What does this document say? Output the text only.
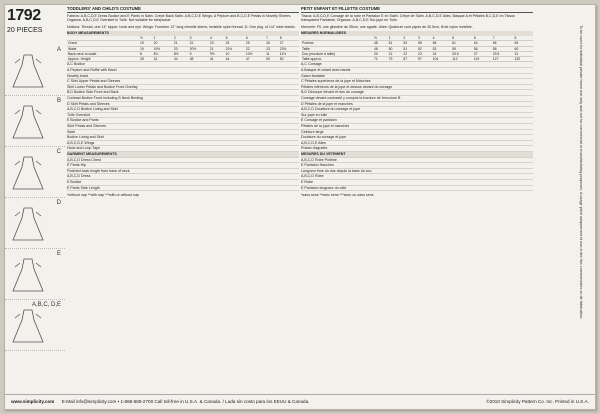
1792
20 PIECES
A
B
C
D
E
A,B,C, D,E
TODDLERS' AND CHILD'S COSTUME
Fabrics: A,B,C,D,E Dress Bodice and E Pants in Satin. Crepe Back Satin. A,B,C,D,E Wings, A Peplum and B,C,D,E Petals in Novelty Sheers. Organza. A,B,C,D,E Overskirt in Tulle. Not suitable for sleepwear.
Notions: Thread, one 14" zipper, hook and eye. Wings: Fourteen 12" long chenille stems, invisible nylon thread. D: One pkg. of 1/4" wide elastic.
BODY MEASUREMENTS
	½	1	2	3	4	5	6	7	8
Chest	19	20	21	22	23	24	25	26	27
Waist	19	19½	20	20½	21	21½	22	23	23½
Back-neck to waist	8	8¼	8½	9	9½	10	10½	11	11½
Approx. Height	28	31	34	38	41	44	47	50	52
A,C Bodice
A Peplum and Ruffle with Band
Novelty braid
C Skirt Upper Petals and Sleeves
Skirt Lower Petals and Bodice Front Overlay
B,D Bodice Side Front and Back
Contrast Bodice Front Including B Neck Binding
D Skirt Petals and Sleeves
A,B,C,D Bodice Lining and Skirt
Tulle Overskirt
E Bodice and Pants
Skirt Petals and Sleeves
Sash
Bodice Lining and Skirt
A,B,C,D,E Wings
Hook and Loop Tape
GARMENT MEASUREMENTS
A,B,C,D Dress Chest
E Pants Hip
Finished back length from base of neck
A,B,C,D Dress
E Bodice
E Pants Side Length
*without nap **with nap ***with or without nap
PETIT ENFANT ET FILLETTE COSTUME
Tissus: A,B,C,D,E Corsage de la robe et Pantalon E en Satin. Crêpe de Satin. A,B,C,D,E Ailes, Basque A et Pétales B,C,D,E en Tissus transparent Fantaisie, Organza. A,B,C,D,E Sur-jupe en Tulle.
Mercerie: Fil, une glissière de 35cm, une agrafe. Ailes: Quatorze cure-pipes de 30.5cm, fil de nylon invisible.
MESURES NORMALISEES
	½	1	2	3	4	5	6	7	8
Poitrine	48	51	53	56	58	61	64	66	69
Taille	48	50	51	52	53	55	56	58	60
Dos (encolure à taille)	20	21	22	23	24	25.5	27	29.5	31
Taille approx.	71	79	87	97	104	112	119	127	132
A,C Corsage
A Basque et volant avec bande
Galon fantaisie
C Pétales supérieurs de la jupe et Manches
Pétales inférieurs de la jupe et dessus devant du corsage
B,D Découpe devant et dos du corsage
Corsage devant contrasté y compris la bordure de l'encolure B
D Pétales de la jupe et manches
A,B,C,D Doublure du corsage et jupe
Sur-jupe en tulle
E Corsage et pantalon
Pétales de la jupe et manches
Ceinture large
Doublure du corsage et jupe
A,B,C,D,E Ailes
Ruban d'agrafes
MESURES DU VETEMENT
A,B,C,D Robe Poitrine
E Pantalon Hanches
Longueur finie du dos depuis la base du cou
A,B,C,D Robe
E Robe
E Pantalon longueur du côté
*sans sens **avec sens ***avec ou sans sens	To be used for individual private home use only and not for commercial or manufacturing purposes. A usage privé uniquement et non à des fins commerciales ou de fabrication.
www.simplicity.com E-Mail info@simplicity.com • 1-888-588-2700 Call toll-free in U.S.A. & Canada. / Lada sin costo para los EEUU & Canada.	©2010 Simplicity Pattern Co. Inc. Printed in U.S.A.
